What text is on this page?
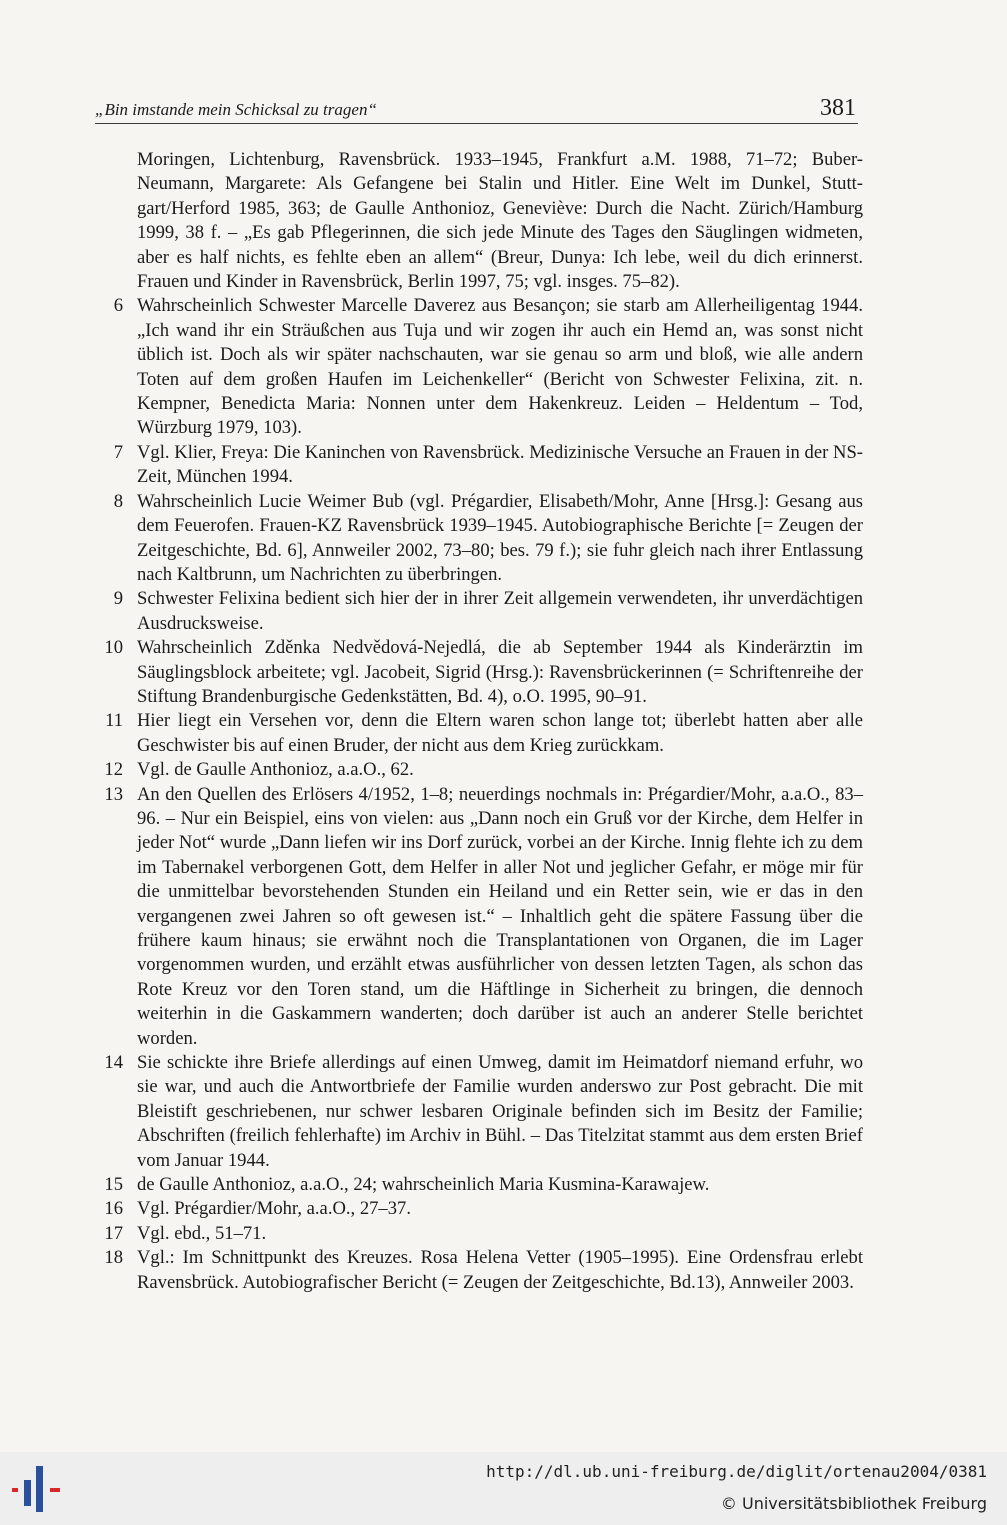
„Bin imstande mein Schicksal zu tragen“	381
Moringen, Lichtenburg, Ravensbrück. 1933–1945, Frankfurt a.M. 1988, 71–72; Buber-Neumann, Margarete: Als Gefangene bei Stalin und Hitler. Eine Welt im Dunkel, Stuttgart/Herford 1985, 363; de Gaulle Anthonioz, Geneviève: Durch die Nacht. Zürich/Hamburg 1999, 38 f. – „Es gab Pflegerinnen, die sich jede Minute des Tages den Säuglingen widmeten, aber es half nichts, es fehlte eben an allem“ (Breur, Dunya: Ich lebe, weil du dich erinnerst. Frauen und Kinder in Ravensbrück, Berlin 1997, 75; vgl. insges. 75–82).
6 Wahrscheinlich Schwester Marcelle Daverez aus Besançon; sie starb am Allerheiligentag 1944. „Ich wand ihr ein Sträußchen aus Tuja und wir zogen ihr auch ein Hemd an, was sonst nicht üblich ist. Doch als wir später nachschauten, war sie genau so arm und bloß, wie alle andern Toten auf dem großen Haufen im Leichenkeller“ (Bericht von Schwester Felixina, zit. n. Kempner, Benedicta Maria: Nonnen unter dem Hakenkreuz. Leiden – Heldentum – Tod, Würzburg 1979, 103).
7 Vgl. Klier, Freya: Die Kaninchen von Ravensbrück. Medizinische Versuche an Frauen in der NS-Zeit, München 1994.
8 Wahrscheinlich Lucie Weimer Bub (vgl. Prégardier, Elisabeth/Mohr, Anne [Hrsg.]: Gesang aus dem Feuerofen. Frauen-KZ Ravensbrück 1939–1945. Autobiographische Berichte [= Zeugen der Zeitgeschichte, Bd. 6], Annweiler 2002, 73–80; bes. 79 f.); sie fuhr gleich nach ihrer Entlassung nach Kaltbrunn, um Nachrichten zu überbringen.
9 Schwester Felixina bedient sich hier der in ihrer Zeit allgemein verwendeten, ihr unverdächtigen Ausdrucksweise.
10 Wahrscheinlich Zděnka Nedvědová-Nejedlá, die ab September 1944 als Kinderärztin im Säuglingsblock arbeitete; vgl. Jacobeit, Sigrid (Hrsg.): Ravensbrückerinnen (= Schriftenreihe der Stiftung Brandenburgische Gedenkstätten, Bd. 4), o.O. 1995, 90–91.
11 Hier liegt ein Versehen vor, denn die Eltern waren schon lange tot; überlebt hatten aber alle Geschwister bis auf einen Bruder, der nicht aus dem Krieg zurückkam.
12 Vgl. de Gaulle Anthonioz, a.a.O., 62.
13 An den Quellen des Erlösers 4/1952, 1–8; neuerdings nochmals in: Prégardier/Mohr, a.a.O., 83–96. – Nur ein Beispiel, eins von vielen: aus „Dann noch ein Gruß vor der Kirche, dem Helfer in jeder Not“ wurde „Dann liefen wir ins Dorf zurück, vorbei an der Kirche. Innig flehte ich zu dem im Tabernakel verborgenen Gott, dem Helfer in aller Not und jeglicher Gefahr, er möge mir für die unmittelbar bevorstehenden Stunden ein Heiland und ein Retter sein, wie er das in den vergangenen zwei Jahren so oft gewesen ist.“ – Inhaltlich geht die spätere Fassung über die frühere kaum hinaus; sie erwähnt noch die Transplantationen von Organen, die im Lager vorgenommen wurden, und erzählt etwas ausführlicher von dessen letzten Tagen, als schon das Rote Kreuz vor den Toren stand, um die Häftlinge in Sicherheit zu bringen, die dennoch weiterhin in die Gaskammern wanderten; doch darüber ist auch an anderer Stelle berichtet worden.
14 Sie schickte ihre Briefe allerdings auf einen Umweg, damit im Heimatdorf niemand erfuhr, wo sie war, und auch die Antwortbriefe der Familie wurden anderswo zur Post gebracht. Die mit Bleistift geschriebenen, nur schwer lesbaren Originale befinden sich im Besitz der Familie; Abschriften (freilich fehlerhafte) im Archiv in Bühl. – Das Titelzitat stammt aus dem ersten Brief vom Januar 1944.
15 de Gaulle Anthonioz, a.a.O., 24; wahrscheinlich Maria Kusmina-Karawajew.
16 Vgl. Prégardier/Mohr, a.a.O., 27–37.
17 Vgl. ebd., 51–71.
18 Vgl.: Im Schnittpunkt des Kreuzes. Rosa Helena Vetter (1905–1995). Eine Ordensfrau erlebt Ravensbrück. Autobiografischer Bericht (= Zeugen der Zeitgeschichte, Bd.13), Annweiler 2003.
http://dl.ub.uni-freiburg.de/diglit/ortenau2004/0381
© Universitätsbibliothek Freiburg
